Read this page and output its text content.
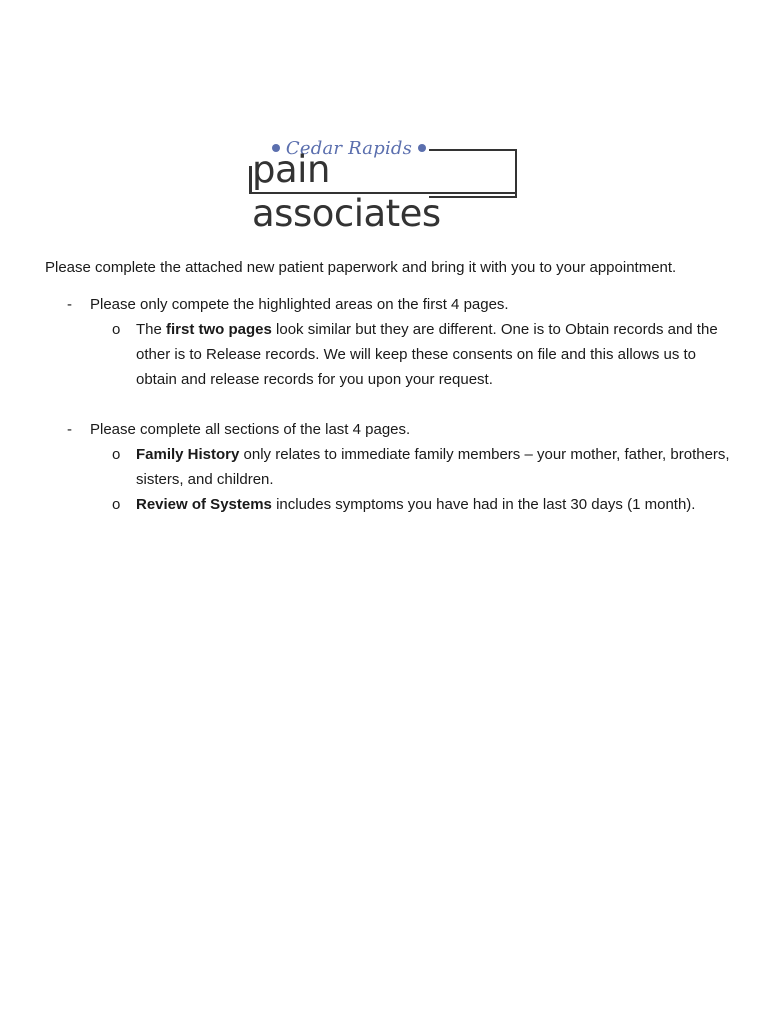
Cedar Rapids
pain associates

Please complete the attached new patient paperwork and bring it with you to your appointment.

- Please only compete the highlighted areas on the first 4 pages.
o The first two pages look similar but they are different. One is to Obtain records and the other is to Release records. We will keep these consents on file and this allows us to obtain and release records for you upon your request.
- Please complete all sections of the last 4 pages.
o Family History only relates to immediate family members – your mother, father, brothers, sisters, and children.
o Review of Systems includes symptoms you have had in the last 30 days (1 month).
